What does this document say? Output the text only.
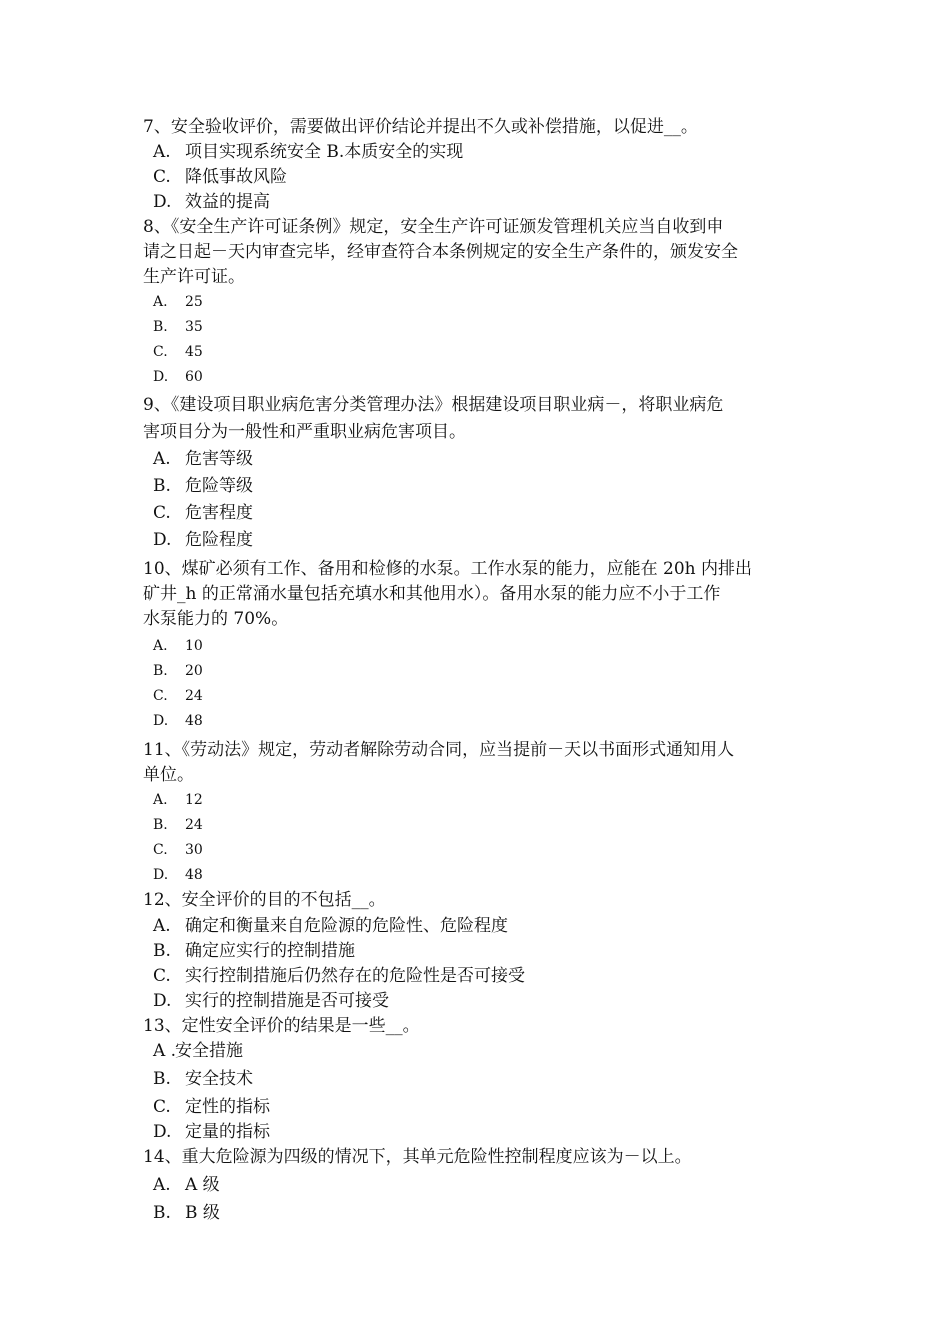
7、安全验收评价，需要做出评价结论并提出不久或补偿措施，以促进__。
A. 项目实现系统安全 B.本质安全的实现
C. 降低事故风险
D. 效益的提高
8、《安全生产许可证条例》规定，安全生产许可证颁发管理机关应当自收到申
请之日起－天内审查完毕，经审查符合本条例规定的安全生产条件的，颁发安全
生产许可证。
A. 25
B. 35
C. 45
D. 60
9、《建设项目职业病危害分类管理办法》根据建设项目职业病－，将职业病危
害项目分为一般性和严重职业病危害项目。
A. 危害等级
B. 危险等级
C. 危害程度
D. 危险程度
10、煤矿必须有工作、备用和检修的水泵。工作水泵的能力，应能在 20h 内排出
矿井_h 的正常涌水量包括充填水和其他用水）。备用水泵的能力应不小于工作
水泵能力的 70%。
A. 10
B. 20
C. 24
D. 48
11、《劳动法》规定，劳动者解除劳动合同，应当提前－天以书面形式通知用人
单位。
A. 12
B. 24
C. 30
D. 48
12、安全评价的目的不包括__。
A. 确定和衡量来自危险源的危险性、危险程度
B. 确定应实行的控制措施
C. 实行控制措施后仍然存在的危险性是否可接受
D. 实行的控制措施是否可接受
13、定性安全评价的结果是一些__。
A .安全措施
B. 安全技术
C. 定性的指标
D. 定量的指标
14、重大危险源为四级的情况下，其单元危险性控制程度应该为－以上。
A. A 级
B. B 级
